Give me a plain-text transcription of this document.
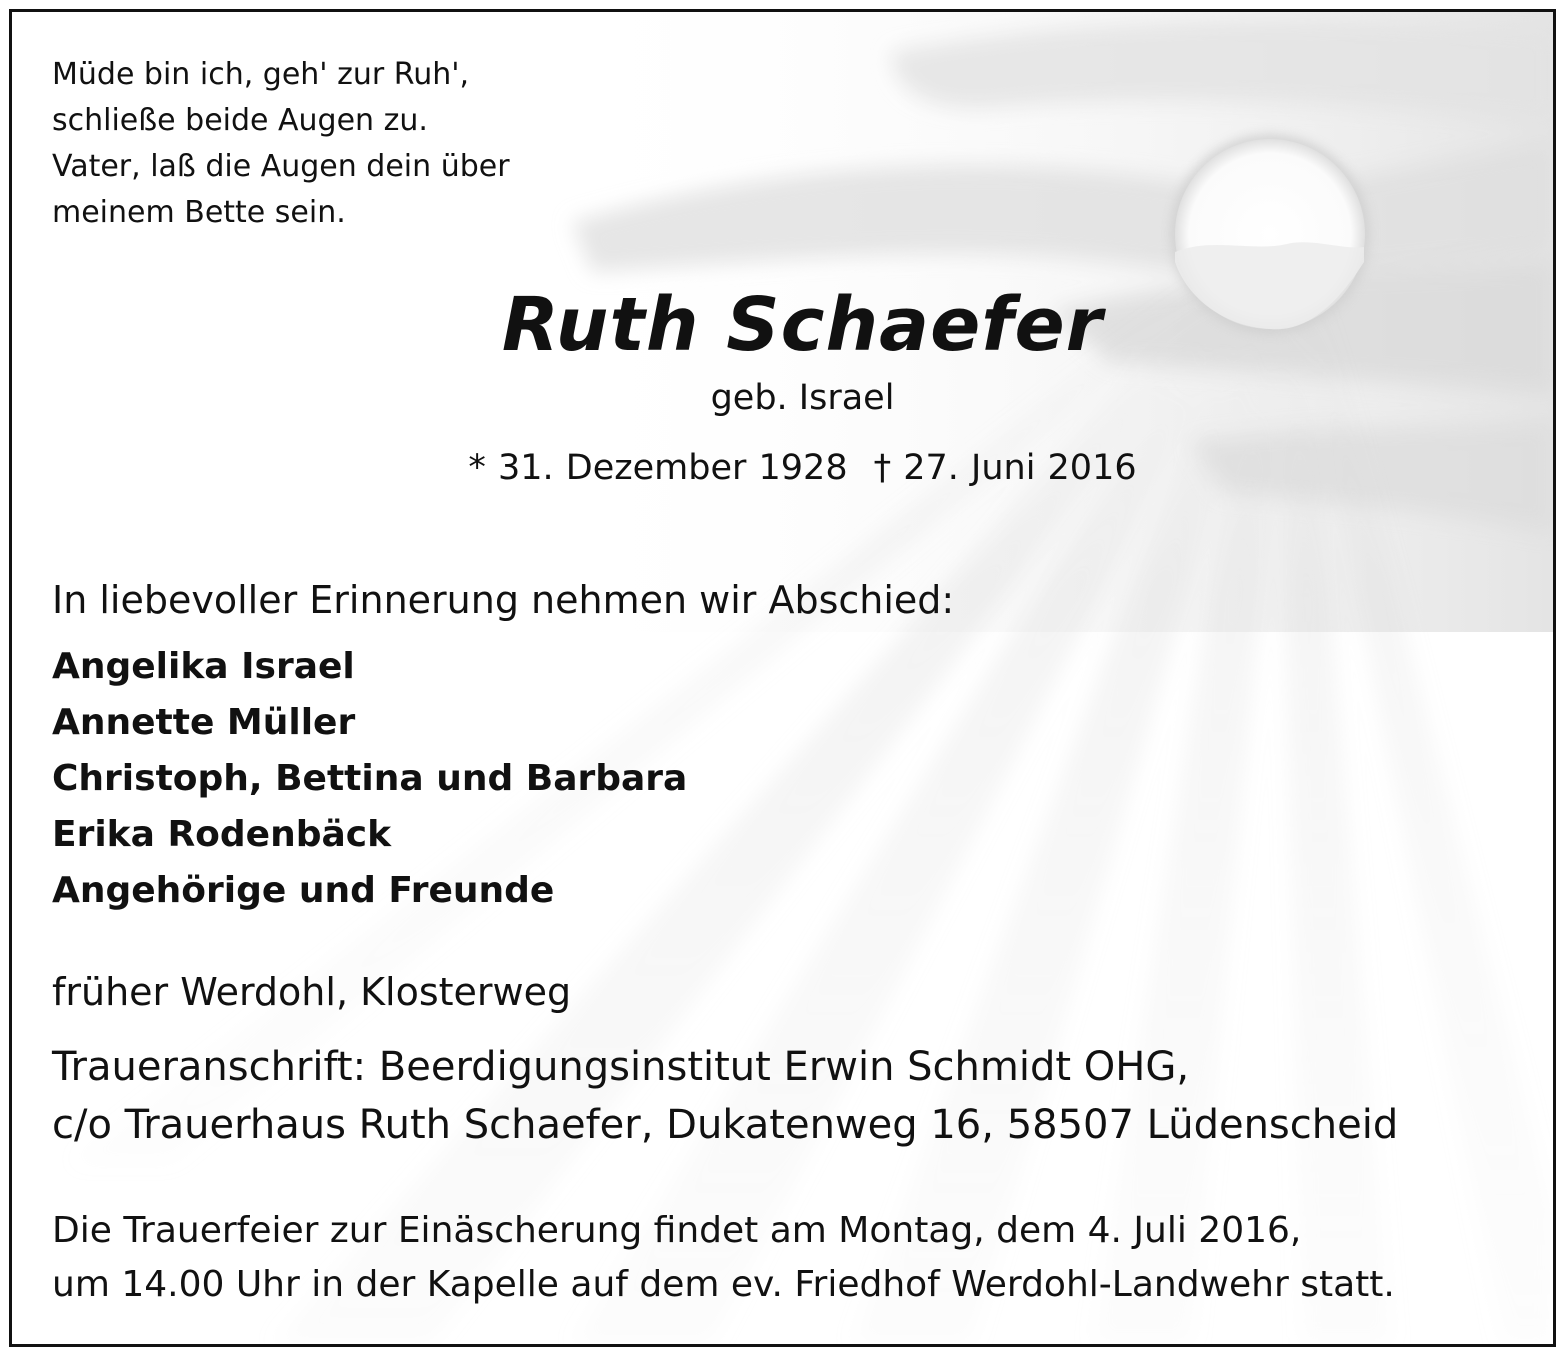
Müde bin ich, geh' zur Ruh',
schließe beide Augen zu.
Vater, laß die Augen dein über
meinem Bette sein.
Ruth Schaefer
geb. Israel
* 31. Dezember 1928 † 27. Juni 2016
In liebevoller Erinnerung nehmen wir Abschied:
Angelika Israel
Annette Müller
Christoph, Bettina und Barbara
Erika Rodenbäck
Angehörige und Freunde
früher Werdohl, Klosterweg
Traueranschrift: Beerdigungsinstitut Erwin Schmidt OHG,
c/o Trauerhaus Ruth Schaefer, Dukatenweg 16, 58507 Lüdenscheid
Die Trauerfeier zur Einäscherung findet am Montag, dem 4. Juli 2016,
um 14.00 Uhr in der Kapelle auf dem ev. Friedhof Werdohl-Landwehr statt.
